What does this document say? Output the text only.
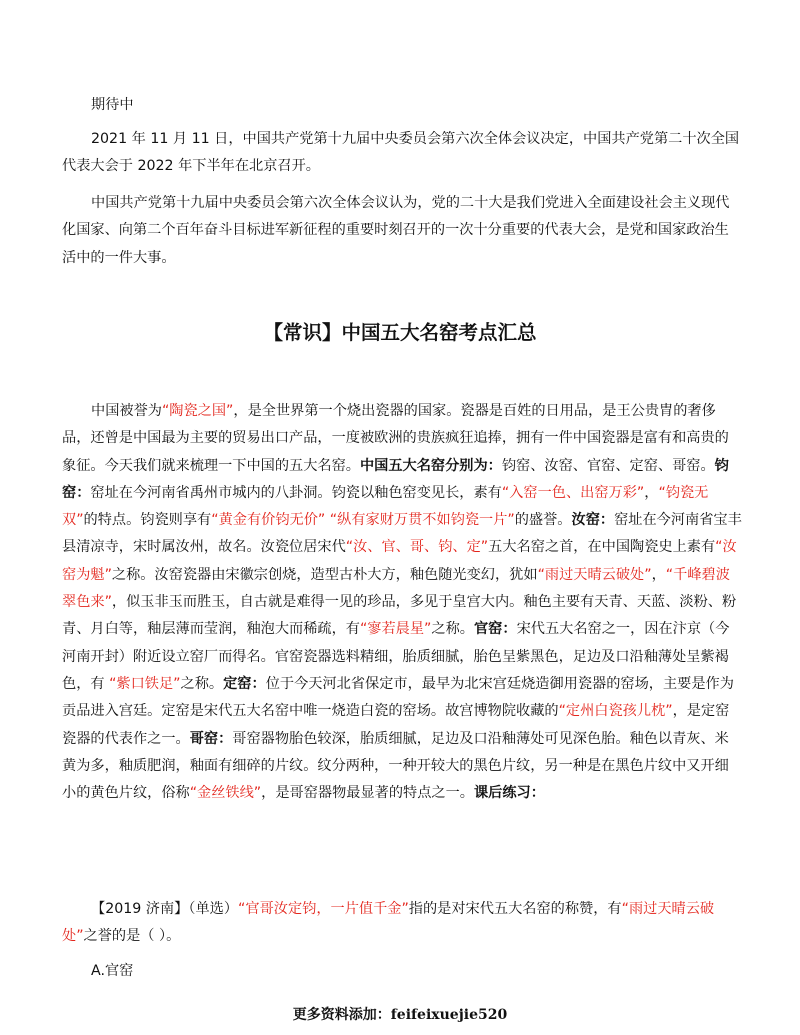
期待中

2021 年 11 月 11 日，中国共产党第十九届中央委员会第六次全体会议决定，中国共产党第二十次全国代表大会于 2022 年下半年在北京召开。

中国共产党第十九届中央委员会第六次全体会议认为，党的二十大是我们党进入全面建设社会主义现代化国家、向第二个百年奋斗目标进军新征程的重要时刻召开的一次十分重要的代表大会，是党和国家政治生活中的一件大事。

【常识】中国五大名窑考点汇总

中国被誉为“陶瓷之国”，是全世界第一个烧出瓷器的国家。瓷器是百姓的日用品，是王公贵胄的奢侈品，还曾是中国最为主要的贸易出口产品，一度被欧洲的贵族疯狂追捧，拥有一件中国瓷器是富有和高贵的象征。今天我们就来梳理一下中国的五大名窑。中国五大名窑分别为：钧窑、汝窑、官窑、定窑、哥窑。钧窑：窑址在今河南省禹州市城内的八卦洞。钧瓷以釉色窑变见长，素有“入窑一色、出窑万彩”，“钧瓷无双”的特点。钧瓷则享有“黄金有价钧无价” “纵有家财万贯不如钧瓷一片”的盛誉。汝窑：窑址在今河南省宝丰县清凉寺，宋时属汝州，故名。汝瓷位居宋代“汝、官、哥、钧、定”五大名窑之首，在中国陶瓷史上素有“汝窑为魁”之称。汝窑瓷器由宋徽宗创烧，造型古朴大方，釉色随光变幻，犹如“雨过天晴云破处”，“千峰碧波翠色来”，似玉非玉而胜玉，自古就是难得一见的珍品，多见于皇宫大内。釉色主要有天青、天蓝、淡粉、粉青、月白等，釉层薄而莹润，釉泡大而稀疏，有“寥若晨星”之称。官窑：宋代五大名窑之一，因在汴京（今河南开封）附近设立窑厂而得名。官窑瓷器选料精细，胎质细腻，胎色呈紫黑色，足边及口沿釉薄处呈紫褐色，有 “紫口铁足”之称。定窑：位于今天河北省保定市，最早为北宋宫廷烧造御用瓷器的窑场，主要是作为贡品进入宫廷。定窑是宋代五大名窑中唯一烧造白瓷的窑场。故宫博物院收藏的“定州白瓷孩儿枕”，是定窑瓷器的代表作之一。哥窑：哥窑器物胎色较深，胎质细腻，足边及口沿釉薄处可见深色胎。釉色以青灰、米黄为多，釉质肥润，釉面有细碎的片纹。纹分两种，一种开较大的黑色片纹，另一种是在黑色片纹中又开细小的黄色片纹，俗称“金丝铁线”，是哥窑器物最显著的特点之一。课后练习：

【2019 济南】（单选）“官哥汝定钧，一片值千金”指的是对宋代五大名窑的称赞，有“雨过天晴云破处”之誉的是（ ）。

A.官窑

更多资料添加：feifeixuejie520
